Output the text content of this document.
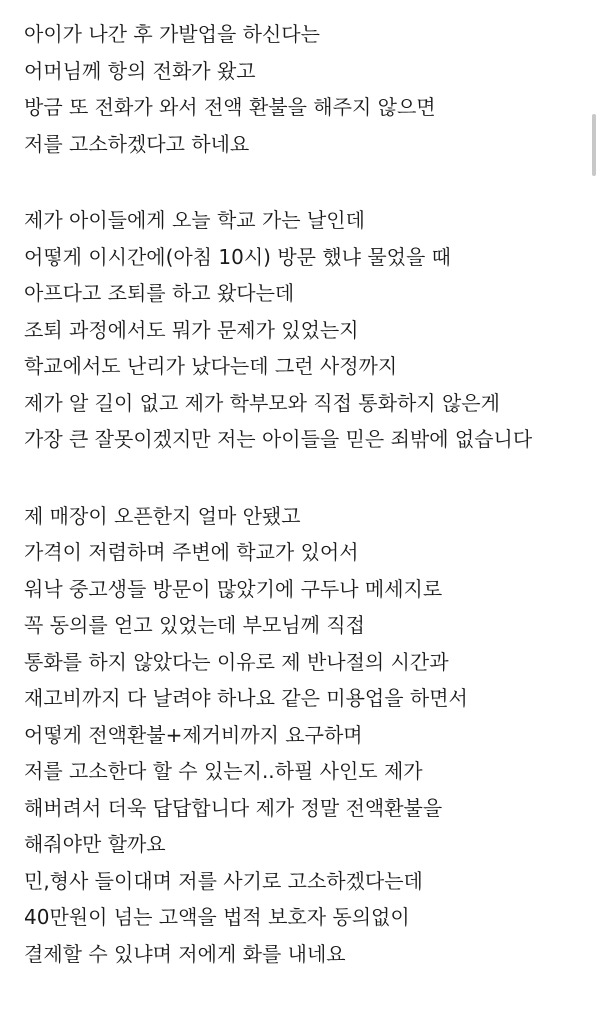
아이가 나간 후 가발업을 하신다는
어머님께 항의 전화가 왔고
방금 또 전화가 와서 전액 환불을 해주지 않으면
저를 고소하겠다고 하네요
제가 아이들에게 오늘 학교 가는 날인데
어떻게 이시간에(아침 10시) 방문 했냐 물었을 때
아프다고 조퇴를 하고 왔다는데
조퇴 과정에서도 뭐가 문제가 있었는지
학교에서도 난리가 났다는데 그런 사정까지
제가 알 길이 없고 제가 학부모와 직접 통화하지 않은게
가장 큰 잘못이겠지만 저는 아이들을 믿은 죄밖에 없습니다
제 매장이 오픈한지 얼마 안됐고
가격이 저렴하며 주변에 학교가 있어서
워낙 중고생들 방문이 많았기에 구두나 메세지로
꼭 동의를 얻고 있었는데 부모님께 직접
통화를 하지 않았다는 이유로 제 반나절의 시간과
재고비까지 다 날려야 하나요 같은 미용업을 하면서
어떻게 전액환불+제거비까지 요구하며
저를 고소한다 할 수 있는지..하필 사인도 제가
해버려서 더욱 답답합니다 제가 정말 전액환불을
해줘야만 할까요
민,형사 들이대며 저를 사기로 고소하겠다는데
40만원이 넘는 고액을 법적 보호자 동의없이
결제할 수 있냐며 저에게 화를 내네요
